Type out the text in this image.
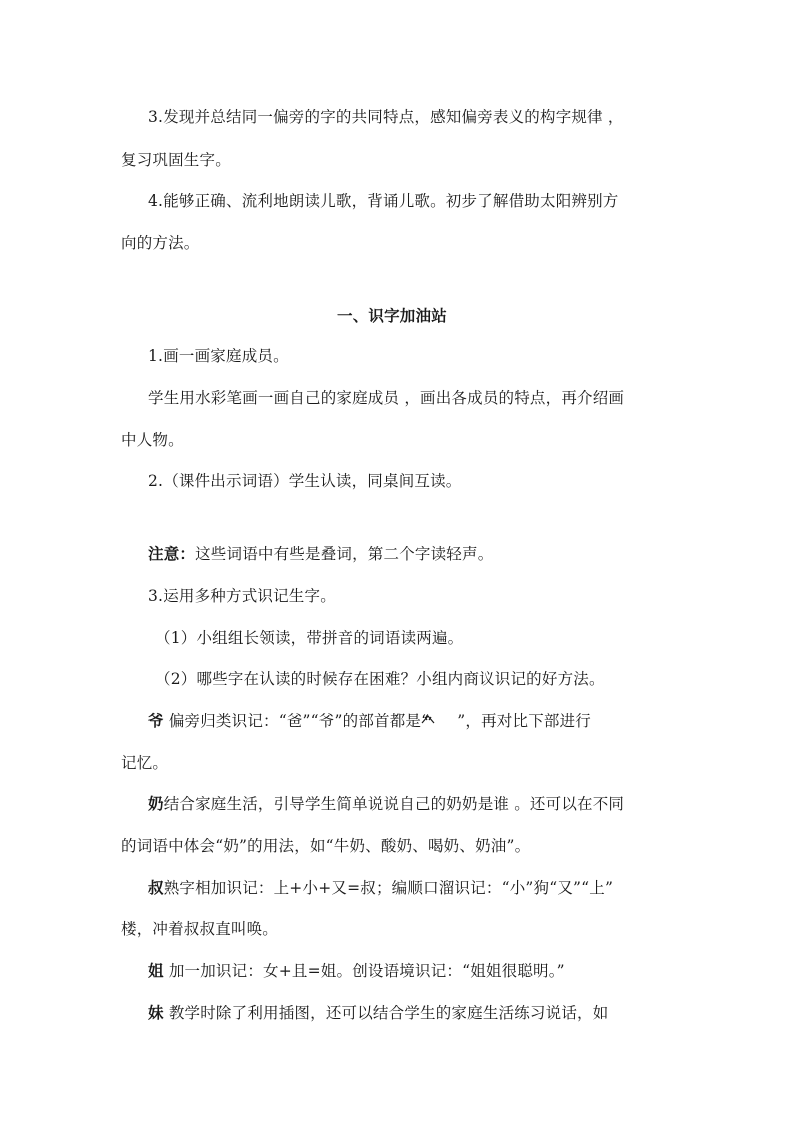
3.发现并总结同一偏旁的字的共同特点，感知偏旁表义的构字规律 ，
复习巩固生字。
4.能够正确、流利地朗读儿歌，背诵儿歌。初步了解借助太阳辨别方
向的方法。
一、识字加油站
1.画一画家庭成员。
学生用水彩笔画一画自己的家庭成员 ，画出各成员的特点，再介绍画
中人物。
2.（课件出示词语）学生认读，同桌间互读。
注意：这些词语中有些是叠词，第二个字读轻声。
3.运用多种方式识记生字。
（1）小组组长领读，带拼音的词语读两遍。
（2）哪些字在认读的时候存在困难？小组内商议识记的好方法。
爷 偏旁归类识记：“爸”“爷”的部首都是“ ”，再对比下部进行
记忆。
奶结合家庭生活，引导学生简单说说自己的奶奶是谁 。还可以在不同
的词语中体会“奶”的用法，如“牛奶、酸奶、喝奶、奶油”。
叔熟字相加识记：上+小+又=叔；编顺口溜识记：“小”狗“又”“上”
楼，冲着叔叔直叫唤。
姐 加一加识记：女+且=姐。创设语境识记：“姐姐很聪明。”
妹 教学时除了利用插图，还可以结合学生的家庭生活练习说话，如
